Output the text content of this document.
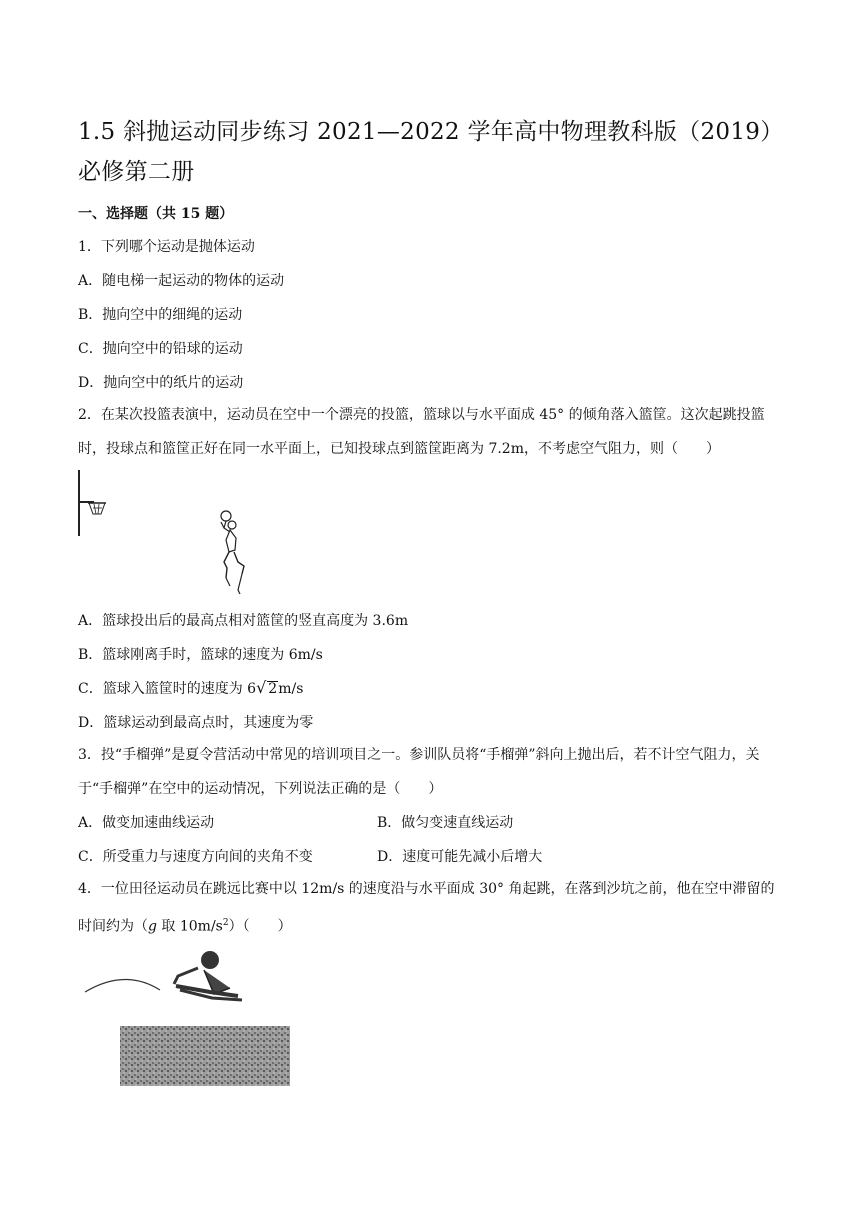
1.5 斜抛运动同步练习 2021—2022 学年高中物理教科版（2019）必修第二册
一、选择题（共 15 题）
1．下列哪个运动是抛体运动
A．随电梯一起运动的物体的运动
B．抛向空中的细绳的运动
C．抛向空中的铅球的运动
D．抛向空中的纸片的运动
2．在某次投篮表演中，运动员在空中一个漂亮的投篮，篮球以与水平面成 45° 的倾角落入篮筐。这次起跳投篮时，投球点和篮筐正好在同一水平面上，已知投球点到篮筐距离为 7.2m，不考虑空气阻力，则（　　）
A．篮球投出后的最高点相对篮筐的竖直高度为 3.6m
B．篮球刚离手时，篮球的速度为 6m/s
C．篮球入篮筐时的速度为 6√ 2m/s
D．篮球运动到最高点时，其速度为零
3．投“手榴弹”是夏令营活动中常见的培训项目之一。参训队员将“手榴弹”斜向上抛出后，若不计空气阻力，关于“手榴弹”在空中的运动情况，下列说法正确的是（　　）
A．做变加速曲线运动	B．做匀变速直线运动
C．所受重力与速度方向间的夹角不变	D．速度可能先减小后增大
4．一位田径运动员在跳远比赛中以 12m/s 的速度沿与水平面成 30° 角起跳，在落到沙坑之前，他在空中滞留的时间约为（g 取 $10m/s^2$）（　　）
